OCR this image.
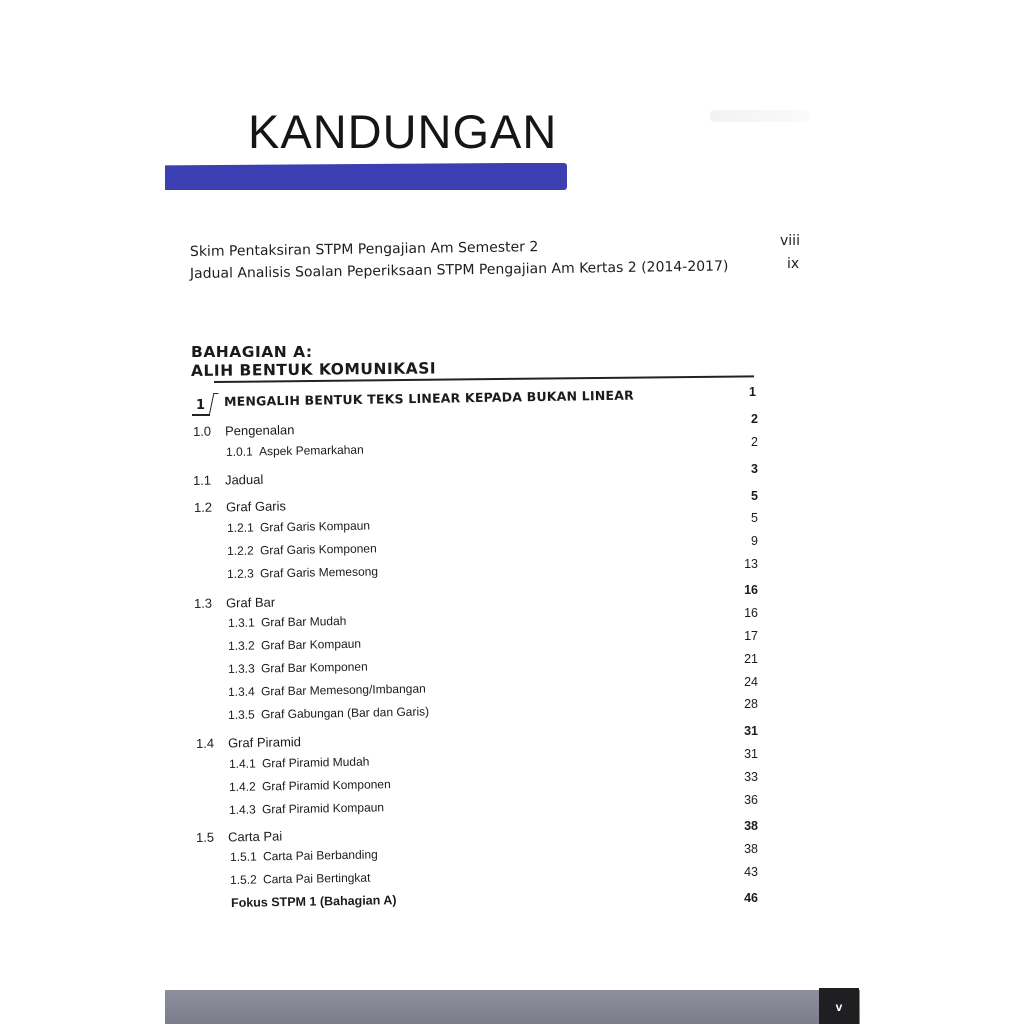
KANDUNGAN
Skim Pentaksiran STPM Pengajian Am Semester 2	viii
Jadual Analisis Soalan Peperiksaan STPM Pengajian Am Kertas 2 (2014-2017)	ix
BAHAGIAN A:
ALIH BENTUK KOMUNIKASI
1 MENGALIH BENTUK TEKS LINEAR KEPADA BUKAN LINEAR
1.0 Pengenalan
1.0.1 Aspek Pemarkahan
1.1 Jadual
1.2 Graf Garis
1.2.1 Graf Garis Kompaun
1.2.2 Graf Garis Komponen
1.2.3 Graf Garis Memesong
1.3 Graf Bar
1.3.1 Graf Bar Mudah
1.3.2 Graf Bar Kompaun
1.3.3 Graf Bar Komponen
1.3.4 Graf Bar Memesong/Imbangan
1.3.5 Graf Gabungan (Bar dan Garis)
1.4 Graf Piramid
1.4.1 Graf Piramid Mudah
1.4.2 Graf Piramid Komponen
1.4.3 Graf Piramid Kompaun
1.5 Carta Pai
1.5.1 Carta Pai Berbanding
1.5.2 Carta Pai Bertingkat
Fokus STPM 1 (Bahagian A)
1
2
2
3
5
5
9
13
16
16
17
21
24
28
31
31
33
36
38
38
43
46
v
